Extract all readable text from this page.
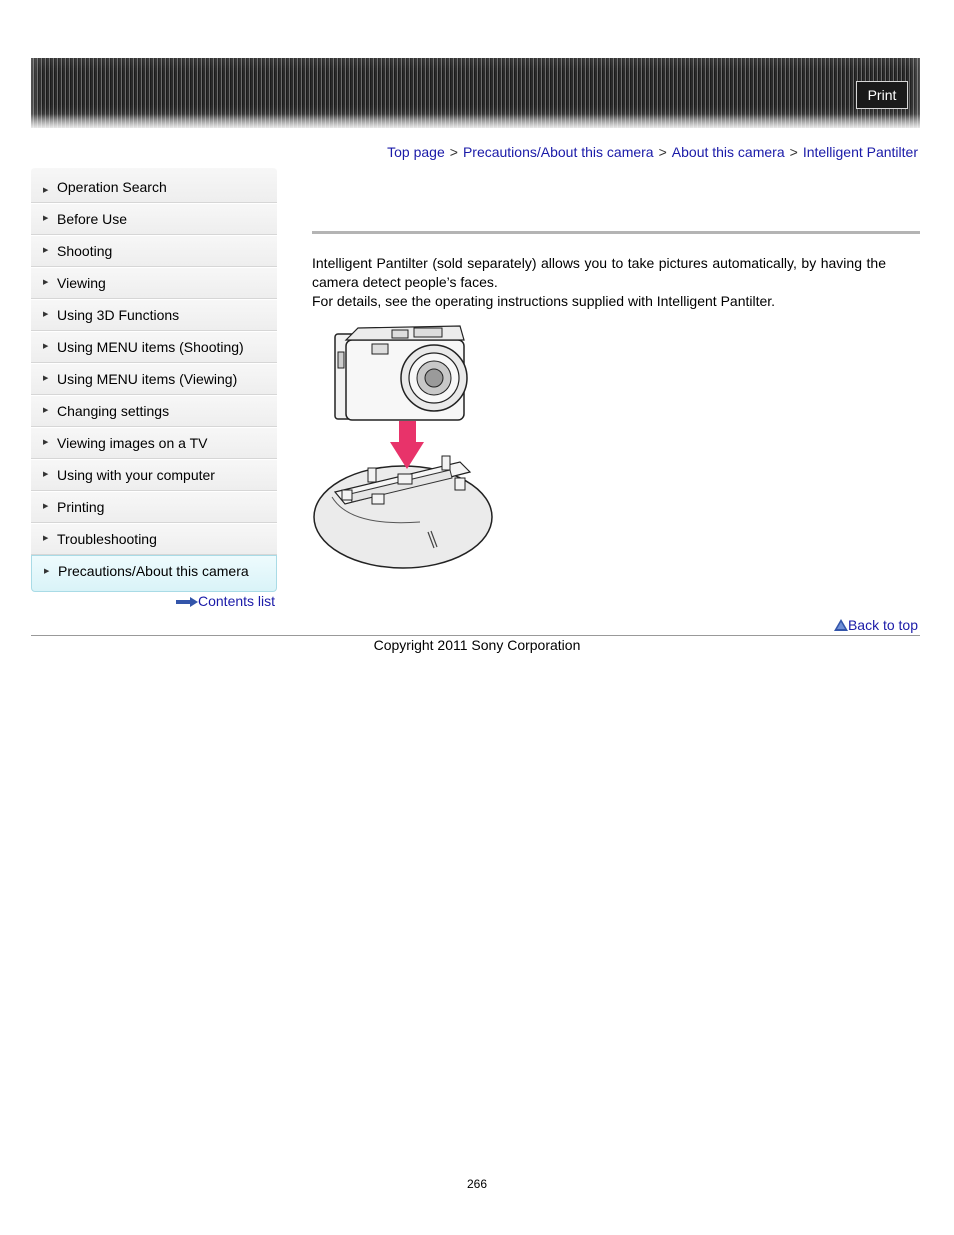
Print
Top page > Precautions/About this camera > About this camera > Intelligent Pantilter
▶ Operation Search
▶ Before Use
▶ Shooting
▶ Viewing
▶ Using 3D Functions
▶ Using MENU items (Shooting)
▶ Using MENU items (Viewing)
▶ Changing settings
▶ Viewing images on a TV
▶ Using with your computer
▶ Printing
▶ Troubleshooting
▶ Precautions/About this camera
Contents list

Intelligent Pantilter (sold separately) allows you to take pictures automatically, by having the camera detect people’s faces.

For details, see the operating instructions supplied with Intelligent Pantilter.

Back to top
Copyright 2011 Sony Corporation
266
